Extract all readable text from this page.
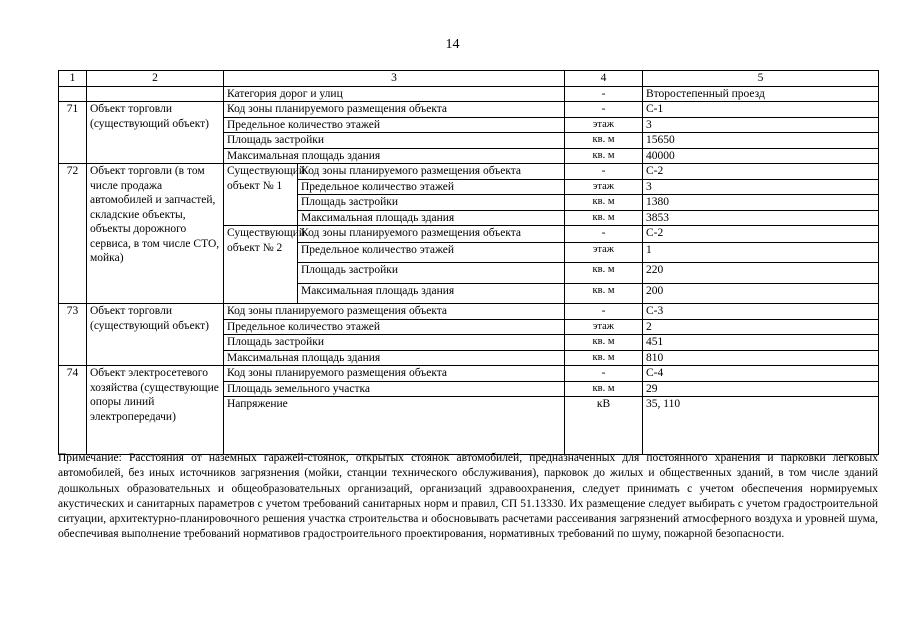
14
1	2	3		4	5
		Категория дорог и улиц		-	Второстепенный проезд
71	Объект торговли (существующий объект)	Код зоны планируемого размещения объекта		-	С-1
		Предельное количество этажей		этаж	3
		Площадь застройки		кв. м	15650
		Максимальная площадь здания		кв. м	40000
72	Объект торговли (в том числе продажа автомобилей и запчастей, складские объекты, объекты дорожного сервиса, в том числе СТО, мойка)	Существующий объект № 1	Код зоны планируемого размещения объекта	-	С-2
			Предельное количество этажей	этаж	3
			Площадь застройки	кв. м	1380
			Максимальная площадь здания	кв. м	3853
		Существующий объект № 2	Код зоны планируемого размещения объекта	-	С-2
			Предельное количество этажей	этаж	1
			Площадь застройки	кв. м	220
			Максимальная площадь здания	кв. м	200
73	Объект торговли (существующий объект)	Код зоны планируемого размещения объекта		-	С-3
		Предельное количество этажей		этаж	2
		Площадь застройки		кв. м	451
		Максимальная площадь здания		кв. м	810
74	Объект электросетевого хозяйства (существующие опоры линий электропередачи)	Код зоны планируемого размещения объекта		-	С-4
		Площадь земельного участка		кв. м	29
		Напряжение		кВ	35, 110
Примечание: Расстояния от наземных гаражей-стоянок, открытых стоянок автомобилей, предназначенных для постоянного хранения и парковки легковых автомобилей, без иных источников загрязнения (мойки, станции технического обслуживания), парковок до жилых и общественных зданий, в том числе зданий дошкольных образовательных и общеобразовательных организаций, организаций здравоохранения, следует принимать с учетом обеспечения нормируемых акустических и санитарных параметров с учетом требований санитарных норм и правил, СП 51.13330. Их размещение следует выбирать с учетом градостроительной ситуации, архитектурно-планировочного решения участка строительства и обосновывать расчетами рассеивания загрязнений атмосферного воздуха и уровней шума, обеспечивая выполнение требований нормативов градостроительного проектирования, нормативных требований по шуму, пожарной безопасности.
